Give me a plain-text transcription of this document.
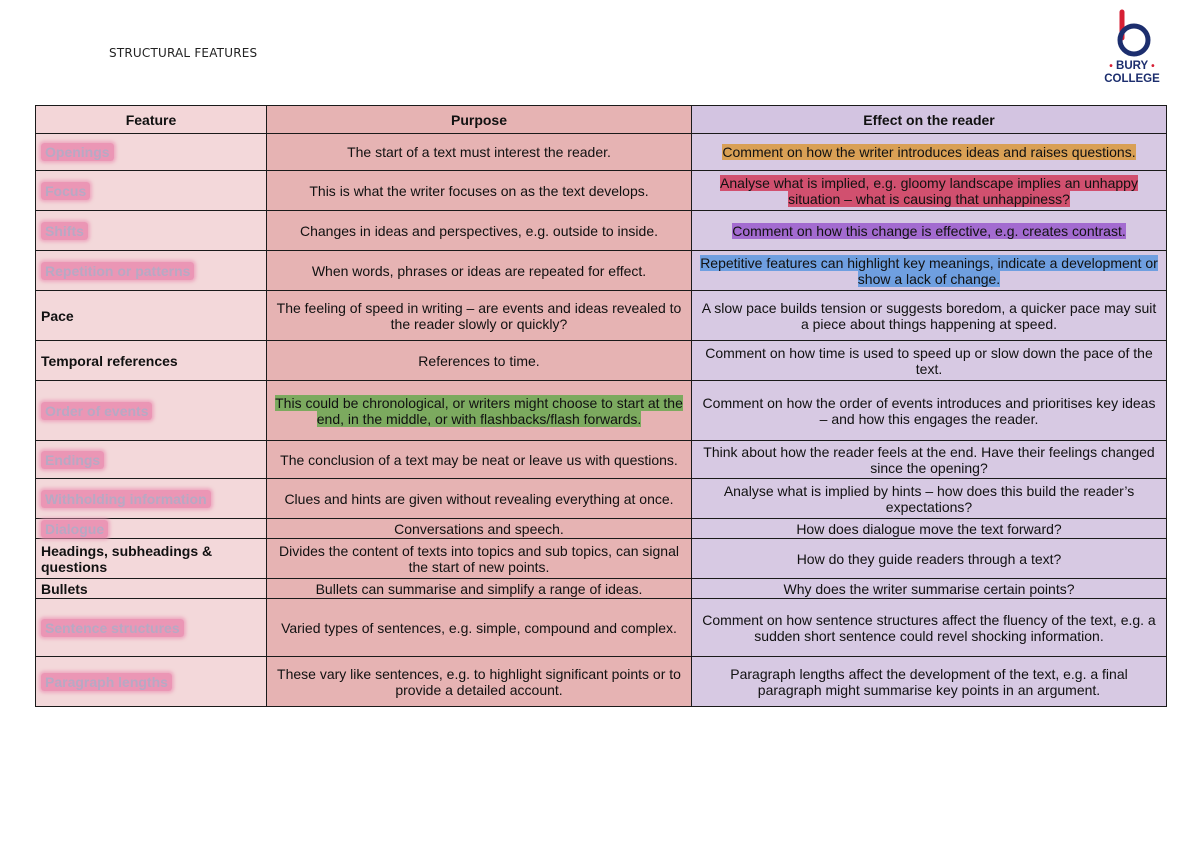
STRUCTURAL FEATURES
• BURY •
COLLEGE
Feature	Purpose	Effect on the reader
Openings	The start of a text must interest the reader.	Comment on how the writer introduces ideas and raises questions.
Focus	This is what the writer focuses on as the text develops.	Analyse what is implied, e.g. gloomy landscape implies an unhappy situation – what is causing that unhappiness?
Shifts	Changes in ideas and perspectives, e.g. outside to inside.	Comment on how this change is effective, e.g. creates contrast.
Repetition or patterns	When words, phrases or ideas are repeated for effect.	Repetitive features can highlight key meanings, indicate a development or show a lack of change.
Pace	The feeling of speed in writing – are events and ideas revealed to the reader slowly or quickly?	A slow pace builds tension or suggests boredom, a quicker pace may suit a piece about things happening at speed.
Temporal references	References to time.	Comment on how time is used to speed up or slow down the pace of the text.
Order of events	This could be chronological, or writers might choose to start at the end, in the middle, or with flashbacks/flash forwards.	Comment on how the order of events introduces and prioritises key ideas – and how this engages the reader.
Endings	The conclusion of a text may be neat or leave us with questions.	Think about how the reader feels at the end. Have their feelings changed since the opening?
Withholding information	Clues and hints are given without revealing everything at once.	Analyse what is implied by hints – how does this build the reader’s expectations?
Dialogue	Conversations and speech.	How does dialogue move the text forward?
Headings, subheadings & questions	Divides the content of texts into topics and sub topics, can signal the start of new points.	How do they guide readers through a text?
Bullets	Bullets can summarise and simplify a range of ideas.	Why does the writer summarise certain points?
Sentence structures	Varied types of sentences, e.g. simple, compound and complex.	Comment on how sentence structures affect the fluency of the text, e.g. a sudden short sentence could revel shocking information.
Paragraph lengths	These vary like sentences, e.g. to highlight significant points or to provide a detailed account.	Paragraph lengths affect the development of the text, e.g. a final paragraph might summarise key points in an argument.
